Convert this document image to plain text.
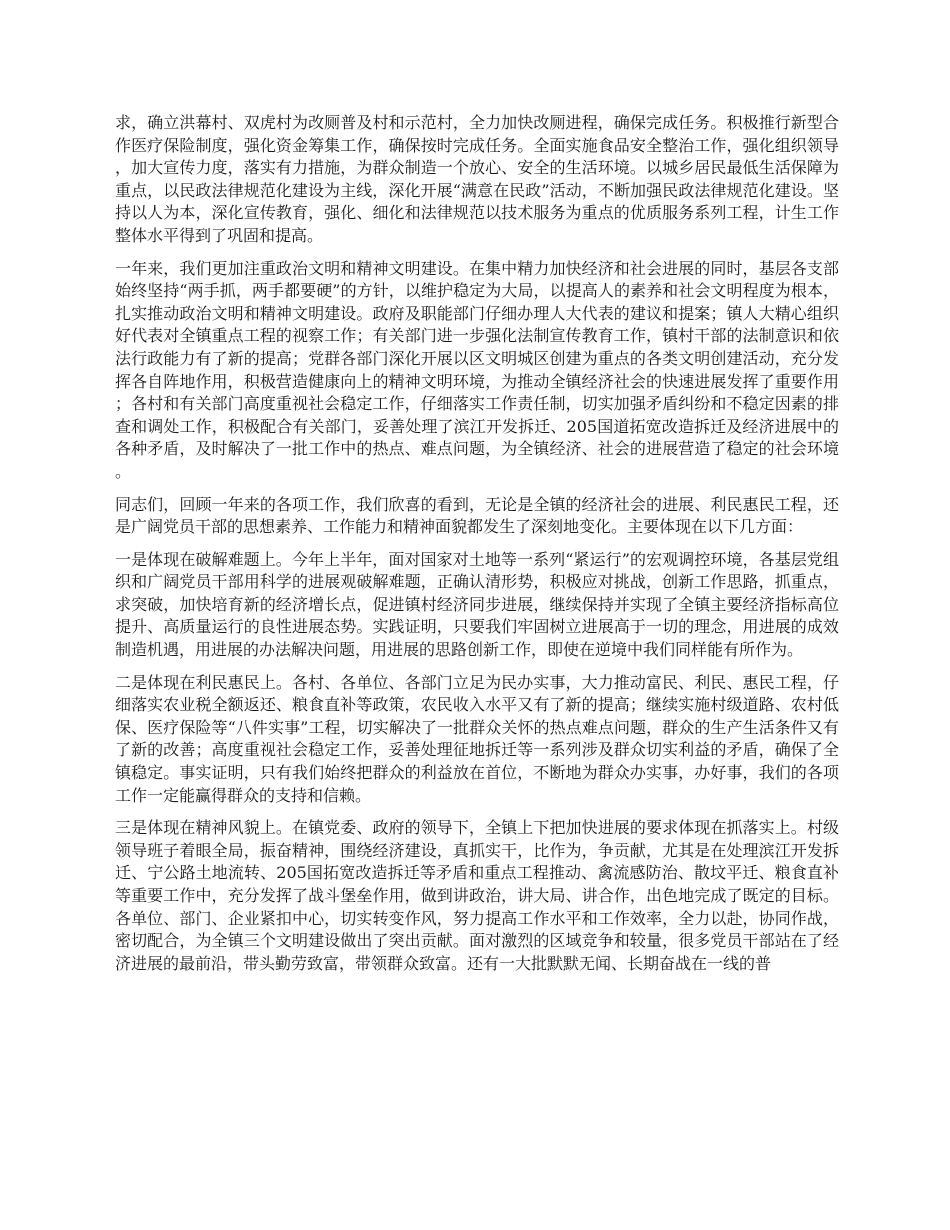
求，确立洪幕村、双虎村为改厕普及村和示范村，全力加快改厕进程，确保完成任务。积极推行新型合作医疗保险制度，强化资金筹集工作，确保按时完成任务。全面实施食品安全整治工作，强化组织领导，加大宣传力度，落实有力措施，为群众制造一个放心、安全的生活环境。以城乡居民最低生活保障为重点，以民政法律规范化建设为主线，深化开展“满意在民政”活动，不断加强民政法律规范化建设。坚持以人为本，深化宣传教育，强化、细化和法律规范以技术服务为重点的优质服务系列工程，计生工作整体水平得到了巩固和提高。

一年来，我们更加注重政治文明和精神文明建设。在集中精力加快经济和社会进展的同时，基层各支部始终坚持“两手抓，两手都要硬”的方针，以维护稳定为大局，以提高人的素养和社会文明程度为根本，扎实推动政治文明和精神文明建设。政府及职能部门仔细办理人大代表的建议和提案；镇人大精心组织好代表对全镇重点工程的视察工作；有关部门进一步强化法制宣传教育工作，镇村干部的法制意识和依法行政能力有了新的提高；党群各部门深化开展以区文明城区创建为重点的各类文明创建活动，充分发挥各自阵地作用，积极营造健康向上的精神文明环境，为推动全镇经济社会的快速进展发挥了重要作用；各村和有关部门高度重视社会稳定工作，仔细落实工作责任制，切实加强矛盾纠纷和不稳定因素的排查和调处工作，积极配合有关部门，妥善处理了滨江开发拆迁、205国道拓宽改造拆迁及经济进展中的各种矛盾，及时解决了一批工作中的热点、难点问题，为全镇经济、社会的进展营造了稳定的社会环境。

同志们，回顾一年来的各项工作，我们欣喜的看到，无论是全镇的经济社会的进展、利民惠民工程，还是广阔党员干部的思想素养、工作能力和精神面貌都发生了深刻地变化。主要体现在以下几方面：

一是体现在破解难题上。今年上半年，面对国家对土地等一系列“紧运行”的宏观调控环境，各基层党组织和广阔党员干部用科学的进展观破解难题，正确认清形势，积极应对挑战，创新工作思路，抓重点，求突破，加快培育新的经济增长点，促进镇村经济同步进展，继续保持并实现了全镇主要经济指标高位提升、高质量运行的良性进展态势。实践证明，只要我们牢固树立进展高于一切的理念，用进展的成效制造机遇，用进展的办法解决问题，用进展的思路创新工作，即使在逆境中我们同样能有所作为。

二是体现在利民惠民上。各村、各单位、各部门立足为民办实事，大力推动富民、利民、惠民工程，仔细落实农业税全额返还、粮食直补等政策，农民收入水平又有了新的提高；继续实施村级道路、农村低保、医疗保险等“八件实事”工程，切实解决了一批群众关怀的热点难点问题，群众的生产生活条件又有了新的改善；高度重视社会稳定工作，妥善处理征地拆迁等一系列涉及群众切实利益的矛盾，确保了全镇稳定。事实证明，只有我们始终把群众的利益放在首位，不断地为群众办实事，办好事，我们的各项工作一定能赢得群众的支持和信赖。

三是体现在精神风貌上。在镇党委、政府的领导下，全镇上下把加快进展的要求体现在抓落实上。村级领导班子着眼全局，振奋精神，围绕经济建设，真抓实干，比作为，争贡献，尤其是在处理滨江开发拆迁、宁公路土地流转、205国拓宽改造拆迁等矛盾和重点工程推动、禽流感防治、散坟平迁、粮食直补等重要工作中，充分发挥了战斗堡垒作用，做到讲政治，讲大局、讲合作，出色地完成了既定的目标。各单位、部门、企业紧扣中心，切实转变作风，努力提高工作水平和工作效率，全力以赴，协同作战，密切配合，为全镇三个文明建设做出了突出贡献。面对激烈的区域竞争和较量，很多党员干部站在了经济进展的最前沿，带头勤劳致富，带领群众致富。还有一大批默默无闻、长期奋战在一线的普
